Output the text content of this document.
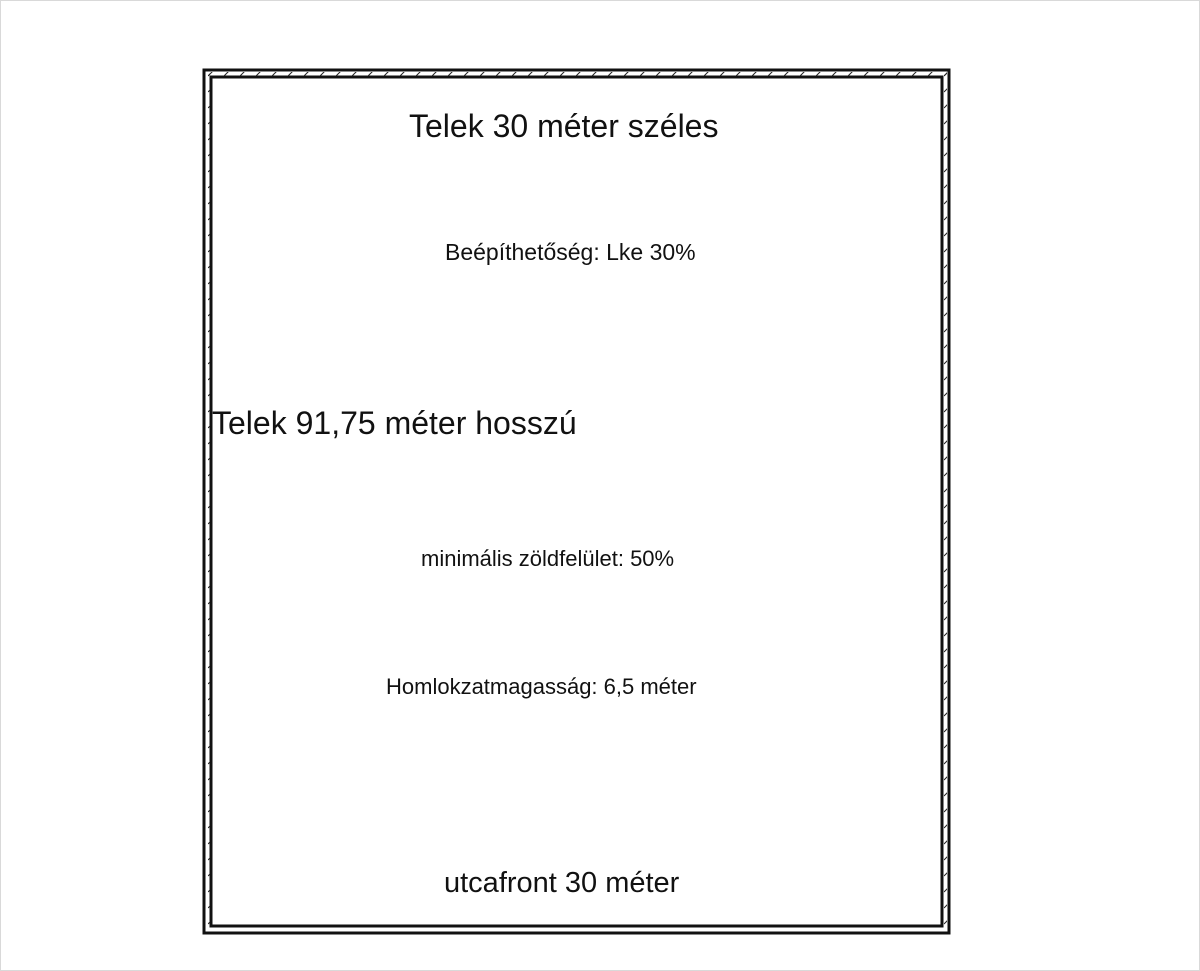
Telek 30 méter széles
Beépíthetőség: Lke 30%
Telek 91,75 méter hosszú
minimális zöldfelület: 50%
Homlokzatmagasság: 6,5 méter
utcafront 30 méter
